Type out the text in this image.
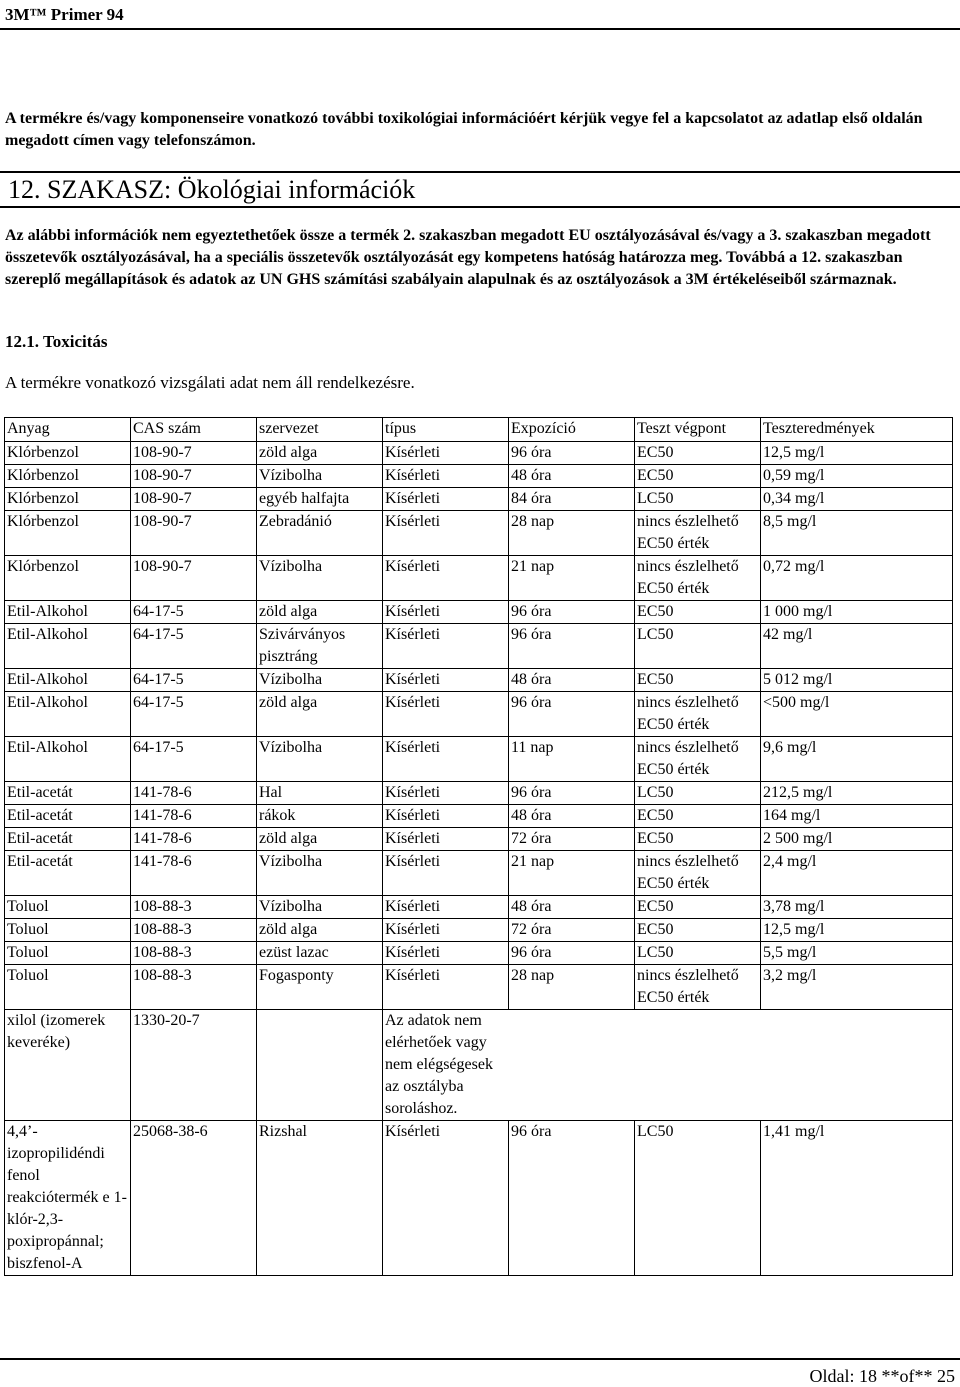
3M™ Primer 94
A termékre és/vagy komponenseire vonatkozó további toxikológiai információért kérjük vegye fel a kapcsolatot az adatlap első oldalán megadott címen vagy telefonszámon.
12. SZAKASZ: Ökológiai információk
Az alábbi információk nem egyeztethetőek össze a termék 2. szakaszban megadott EU osztályozásával és/vagy a 3. szakaszban megadott összetevők osztályozásával, ha a speciális összetevők osztályozását egy kompetens hatóság határozza meg. Továbbá a 12. szakaszban szereplő megállapítások és adatok az UN GHS számítási szabályain alapulnak és az osztályozások a 3M értékeléseiből származnak.
12.1. Toxicitás
A termékre vonatkozó vizsgálati adat nem áll rendelkezésre.
Anyag	CAS szám	szervezet	típus	Expozíció	Teszt végpont	Teszteredmények
Klórbenzol	108-90-7	zöld alga	Kísérleti	96 óra	EC50	12,5 mg/l
Klórbenzol	108-90-7	Vízibolha	Kísérleti	48 óra	EC50	0,59 mg/l
Klórbenzol	108-90-7	egyéb halfajta	Kísérleti	84 óra	LC50	0,34 mg/l
Klórbenzol	108-90-7	Zebradánió	Kísérleti	28 nap	nincs észlelhető EC50 érték	8,5 mg/l
Klórbenzol	108-90-7	Vízibolha	Kísérleti	21 nap	nincs észlelhető EC50 érték	0,72 mg/l
Etil-Alkohol	64-17-5	zöld alga	Kísérleti	96 óra	EC50	1 000 mg/l
Etil-Alkohol	64-17-5	Szivárványos pisztráng	Kísérleti	96 óra	LC50	42 mg/l
Etil-Alkohol	64-17-5	Vízibolha	Kísérleti	48 óra	EC50	5 012 mg/l
Etil-Alkohol	64-17-5	zöld alga	Kísérleti	96 óra	nincs észlelhető EC50 érték	<500 mg/l
Etil-Alkohol	64-17-5	Vízibolha	Kísérleti	11 nap	nincs észlelhető EC50 érték	9,6 mg/l
Etil-acetát	141-78-6	Hal	Kísérleti	96 óra	LC50	212,5 mg/l
Etil-acetát	141-78-6	rákok	Kísérleti	48 óra	EC50	164 mg/l
Etil-acetát	141-78-6	zöld alga	Kísérleti	72 óra	EC50	2 500 mg/l
Etil-acetát	141-78-6	Vízibolha	Kísérleti	21 nap	nincs észlelhető EC50 érték	2,4 mg/l
Toluol	108-88-3	Vízibolha	Kísérleti	48 óra	EC50	3,78 mg/l
Toluol	108-88-3	zöld alga	Kísérleti	72 óra	EC50	12,5 mg/l
Toluol	108-88-3	ezüst lazac	Kísérleti	96 óra	LC50	5,5 mg/l
Toluol	108-88-3	Fogasponty	Kísérleti	28 nap	nincs észlelhető EC50 érték	3,2 mg/l
xilol (izomerek keveréke)	1330-20-7		Az adatok nem elérhetőek vagy nem elégségesek az osztályba soroláshoz.			

4,4’-izopropilidéndi fenol reakciótermék e 1-klór-2,3-poxipropánnal; biszfenol-A	25068-38-6	Rizshal	Kísérleti	96 óra	LC50	1,41 mg/l
Oldal: 18 **of** 25
